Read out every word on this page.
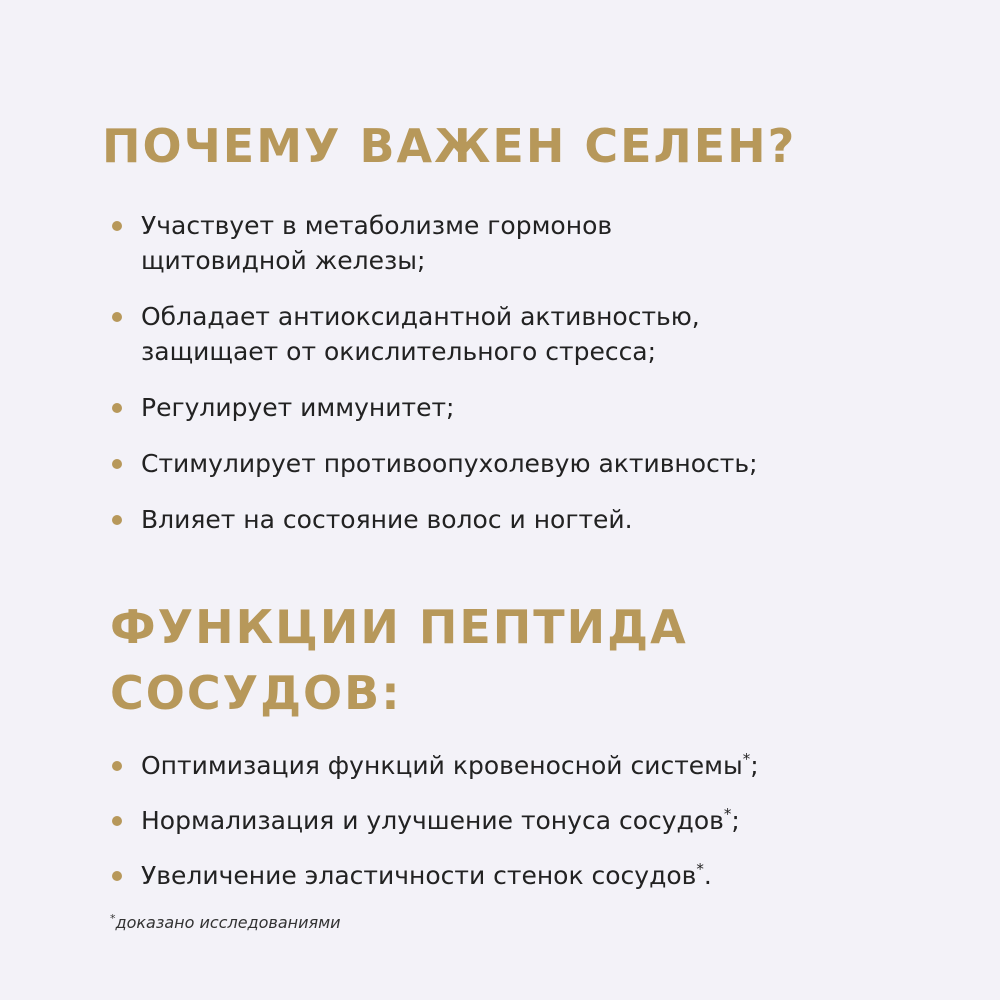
ПОЧЕМУ ВАЖЕН СЕЛЕН?
Участвует в метаболизме гормонов
щитовидной железы;
Обладает антиоксидантной активностью,
защищает от окислительного стресса;
Регулирует иммунитет;
Стимулирует противоопухолевую активность;
Влияет на состояние волос и ногтей.
ФУНКЦИИ ПЕПТИДА
СОСУДОВ:
Оптимизация функций кровеносной системы*;
Нормализация и улучшение тонуса сосудов*;
Увеличение эластичности стенок сосудов*.
*доказано исследованиями
